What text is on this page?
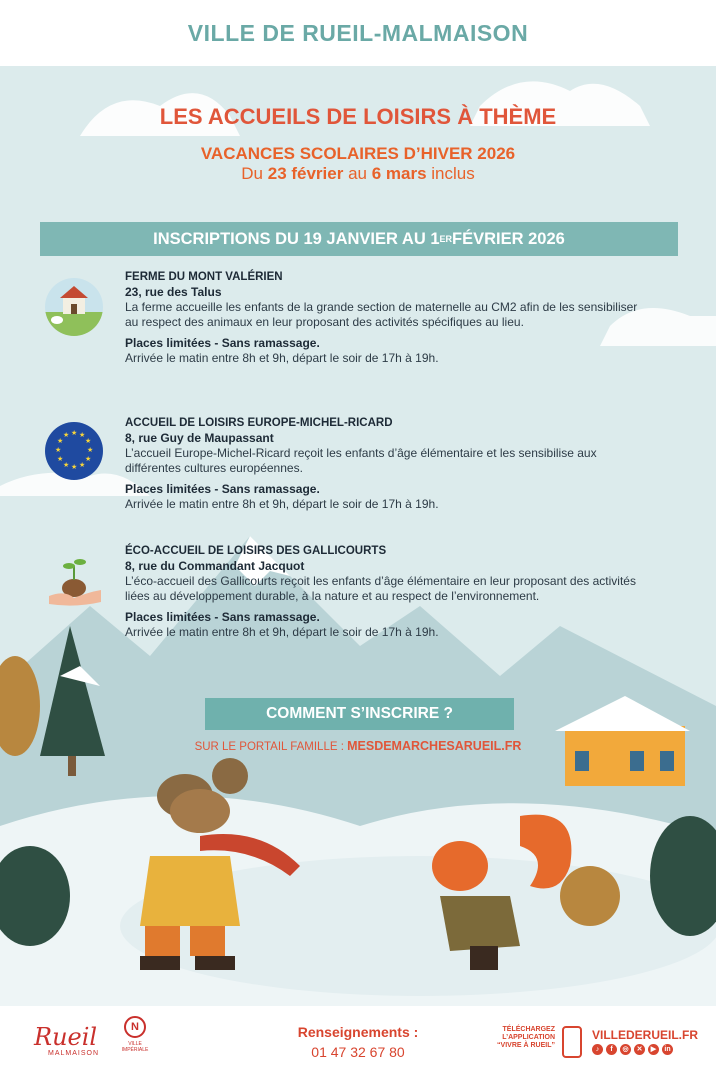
VILLE DE RUEIL-MALMAISON
LES ACCUEILS DE LOISIRS À THÈME
VACANCES SCOLAIRES D’HIVER 2026
Du 23 février au 6 mars inclus
INSCRIPTIONS DU 19 JANVIER AU 1 ER FÉVRIER 2026
FERME DU MONT VALÉRIEN
23, rue des Talus
La ferme accueille les enfants de la grande section de maternelle au CM2 afin de les sensibiliser au respect des animaux en leur proposant des activités spécifiques au lieu.
Places limitées - Sans ramassage.
Arrivée le matin entre 8h et 9h, départ le soir de 17h à 19h.
★ ★
★
★
★
★
★
★
★
★
★
★
ACCUEIL DE LOISIRS EUROPE-MICHEL-RICARD
8, rue Guy de Maupassant
L’accueil Europe-Michel-Ricard reçoit les enfants d’âge élémentaire et les sensibilise aux différentes cultures européennes.
Places limitées - Sans ramassage.
Arrivée le matin entre 8h et 9h, départ le soir de 17h à 19h.
ÉCO-ACCUEIL DE LOISIRS DES GALLICOURTS
8, rue du Commandant Jacquot
L’éco-accueil des Gallicourts reçoit les enfants d’âge élémentaire en leur proposant des activités liées au développement durable, à la nature et au respect de l’environnement.
Places limitées - Sans ramassage.
Arrivée le matin entre 8h et 9h, départ le soir de 17h à 19h.
COMMENT S’INSCRIRE ?
SUR LE PORTAIL FAMILLE : MESDEMARCHESARUEIL.FR
Rueil
MALMAISON
N
VILLE IMPÉRIALE
Renseignements :
01 47 32 67 80
TÉLÉCHARGEZ
L’APPLICATION
“VIVRE À RUEIL”
VILLEDERUEIL.FR
♪	f	◎	✕	▶	in
